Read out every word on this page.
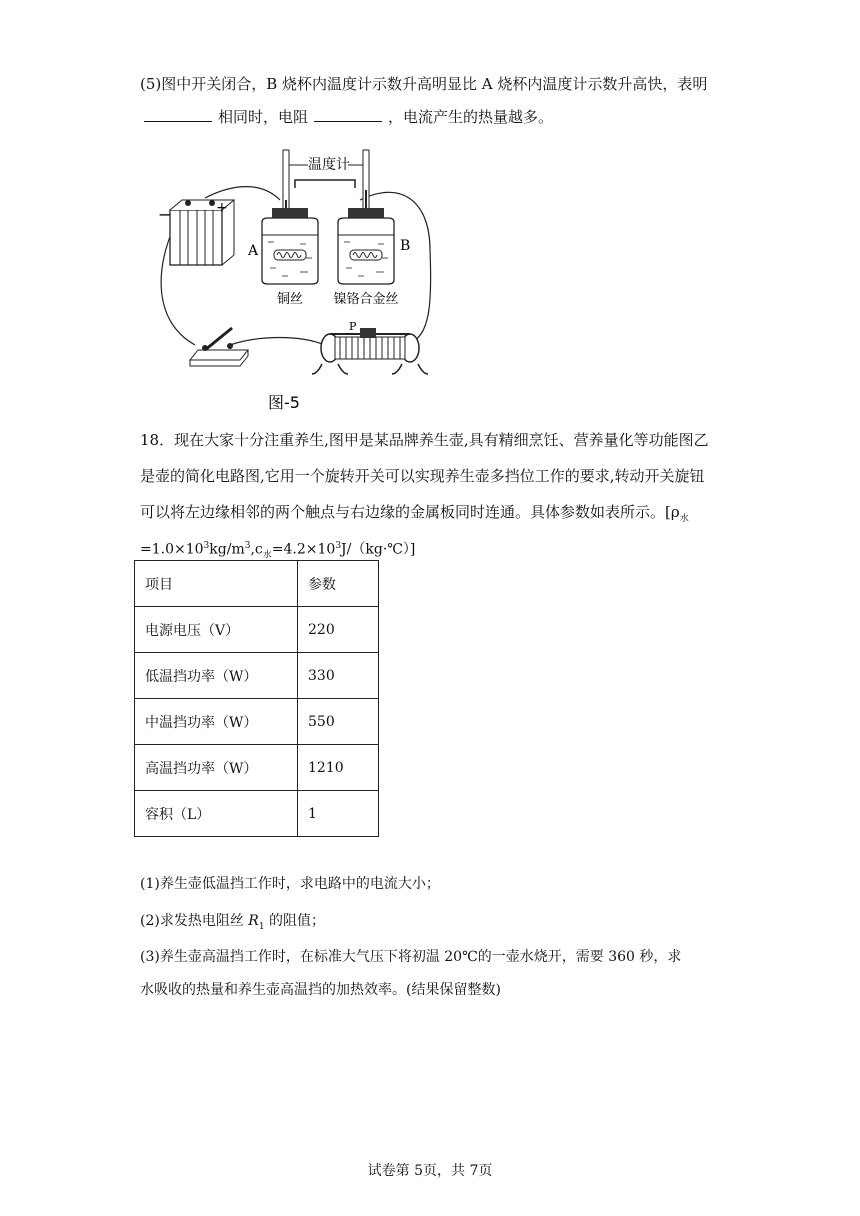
(5)图中开关闭合，B 烧杯内温度计示数升高明显比 A 烧杯内温度计示数升高快，表明
相同时，电阻	，电流产生的热量越多。
−	+
温度计
A	B
铜丝 镍铬合金丝
P
图-5
18．现在大家十分注重养生,图甲是某品牌养生壶,具有精细烹饪、营养量化等功能图乙
是壶的简化电路图,它用一个旋转开关可以实现养生壶多挡位工作的要求,转动开关旋钮
可以将左边缘相邻的两个触点与右边缘的金属板同时连通。具体参数如表所示。[$\rho_水$
$=1.0\times 10^3kg/m^3,c_水=4.2\times 10^3J/(kg\cdot℃)$]
项目	参数
电源电压（V）	220
低温挡功率（W）	330
中温挡功率（W）	550
高温挡功率（W）	1210
容积（L）	1
(1)养生壶低温挡工作时，求电路中的电流大小；
(2)求发热电阻丝 $R_1$ 的阻值；
(3)养生壶高温挡工作时，在标准大气压下将初温 20℃的一壶水烧开，需要 360 秒，求
水吸收的热量和养生壶高温挡的加热效率。(结果保留整数)
试卷第 5页，共 7页
